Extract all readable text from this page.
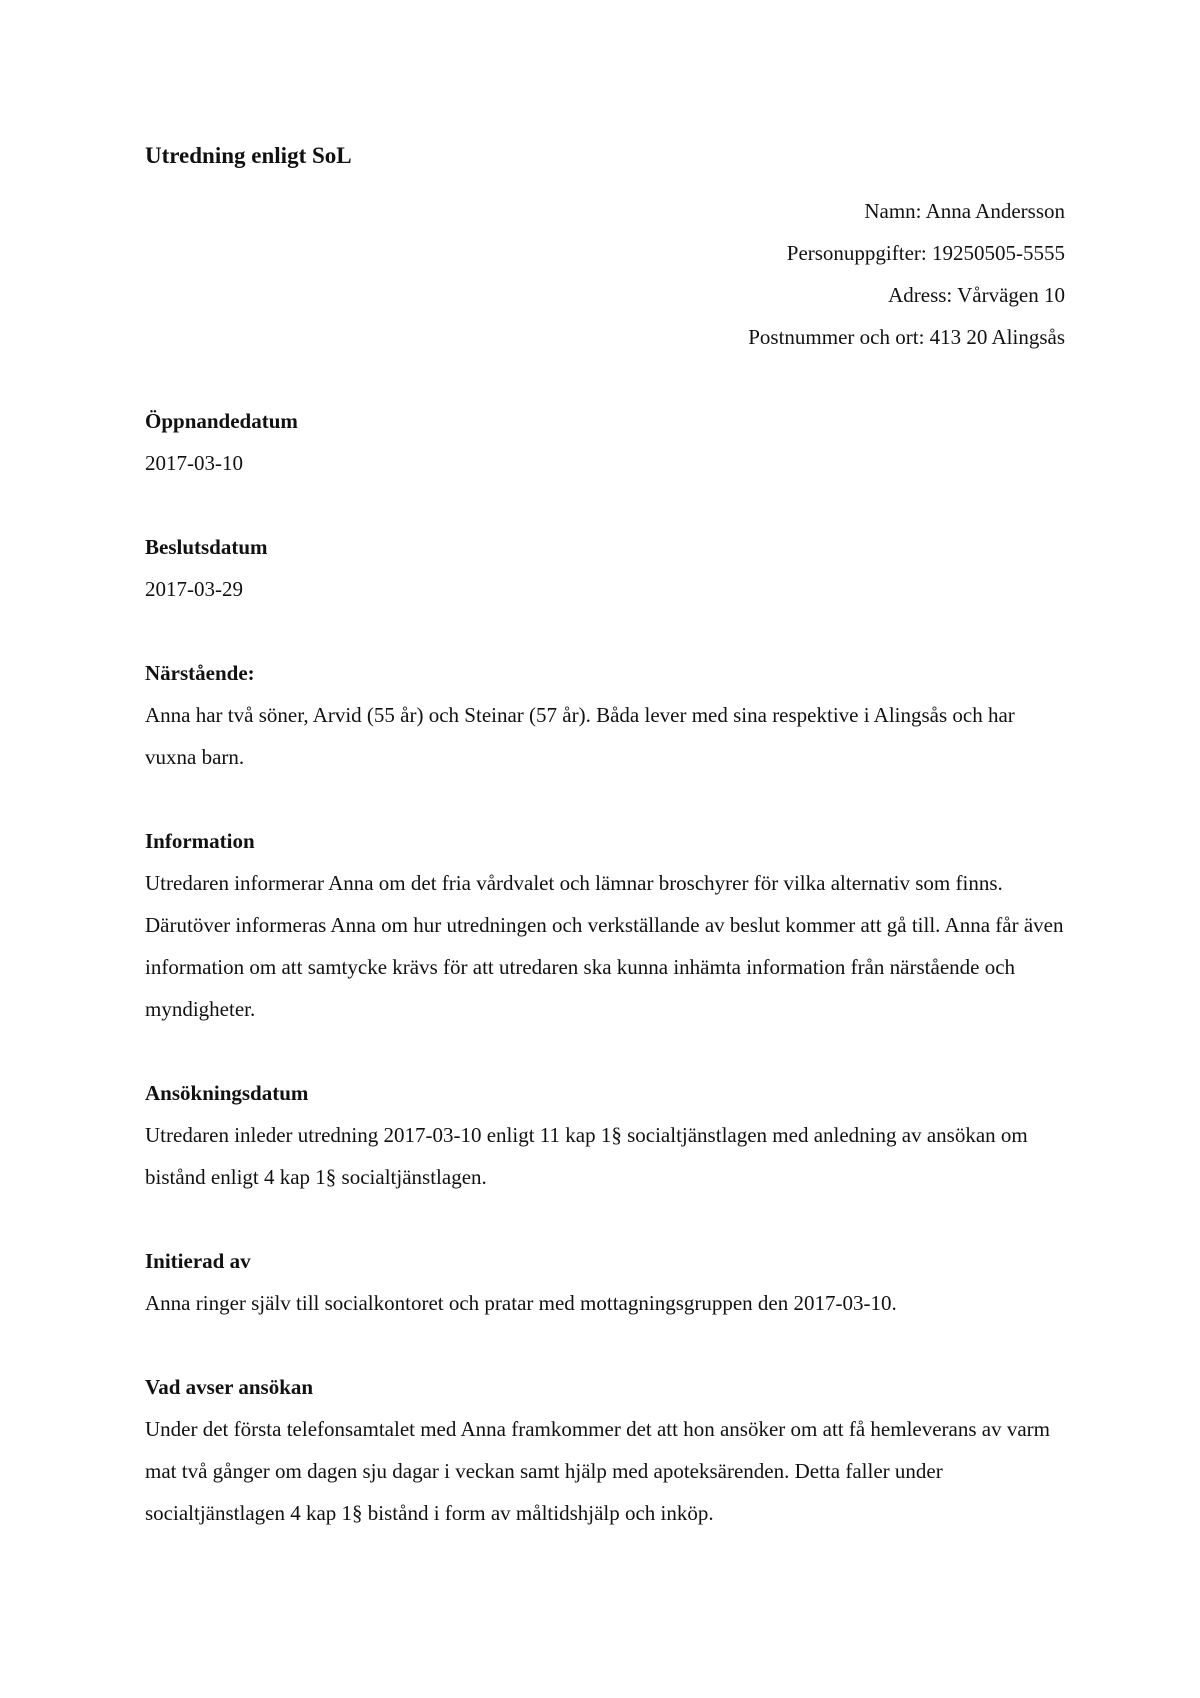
Utredning enligt SoL
Namn: Anna Andersson
Personuppgifter: 19250505-5555
Adress: Vårvägen 10
Postnummer och ort: 413 20 Alingsås

Öppnandedatum

2017-03-10

Beslutsdatum

2017-03-29

Närstående:

Anna har två söner, Arvid (55 år) och Steinar (57 år). Båda lever med sina respektive i Alingsås och har vuxna barn.

Information

Utredaren informerar Anna om det fria vårdvalet och lämnar broschyrer för vilka alternativ som finns. Därutöver informeras Anna om hur utredningen och verkställande av beslut kommer att gå till. Anna får även information om att samtycke krävs för att utredaren ska kunna inhämta information från närstående och myndigheter.

Ansökningsdatum

Utredaren inleder utredning 2017-03-10 enligt 11 kap 1§ socialtjänstlagen med anledning av ansökan om bistånd enligt 4 kap 1§ socialtjänstlagen.

Initierad av

Anna ringer själv till socialkontoret och pratar med mottagningsgruppen den 2017-03-10.

Vad avser ansökan

Under det första telefonsamtalet med Anna framkommer det att hon ansöker om att få hemleverans av varm mat två gånger om dagen sju dagar i veckan samt hjälp med apoteksärenden. Detta faller under socialtjänstlagen 4 kap 1§ bistånd i form av måltidshjälp och inköp.
